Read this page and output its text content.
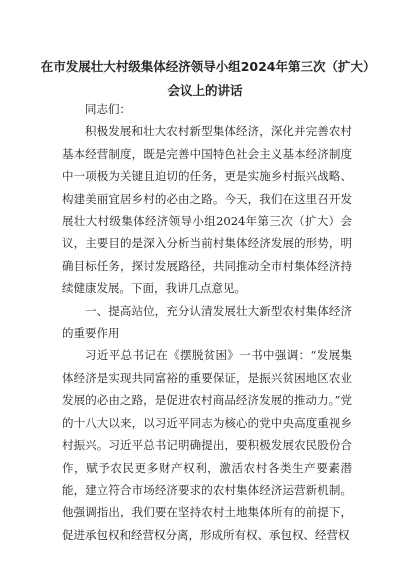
在市发展壮大村级集体经济领导小组2024年第三次（扩大）会议上的讲话

同志们：

积极发展和壮大农村新型集体经济，深化并完善农村基本经营制度，既是完善中国特色社会主义基本经济制度中一项极为关键且迫切的任务，更是实施乡村振兴战略、构建美丽宜居乡村的必由之路。今天，我们在这里召开发展壮大村级集体经济领导小组2024年第三次（扩大）会议，主要目的是深入分析当前村集体经济发展的形势，明确目标任务，探讨发展路径，共同推动全市村集体经济持续健康发展。下面，我讲几点意见。

一、提高站位，充分认清发展壮大新型农村集体经济的重要作用

习近平总书记在《摆脱贫困》一书中强调：“发展集体经济是实现共同富裕的重要保证，是振兴贫困地区农业发展的必由之路，是促进农村商品经济发展的推动力。”党的十八大以来，以习近平同志为核心的党中央高度重视乡村振兴。习近平总书记明确提出，要积极发展农民股份合作，赋予农民更多财产权利，激活农村各类生产要素潜能，建立符合市场经济要求的农村集体经济运营新机制。他强调指出，我们要在坚持农村土地集体所有的前提下，促进承包权和经营权分离，形成所有权、承包权、经营权
